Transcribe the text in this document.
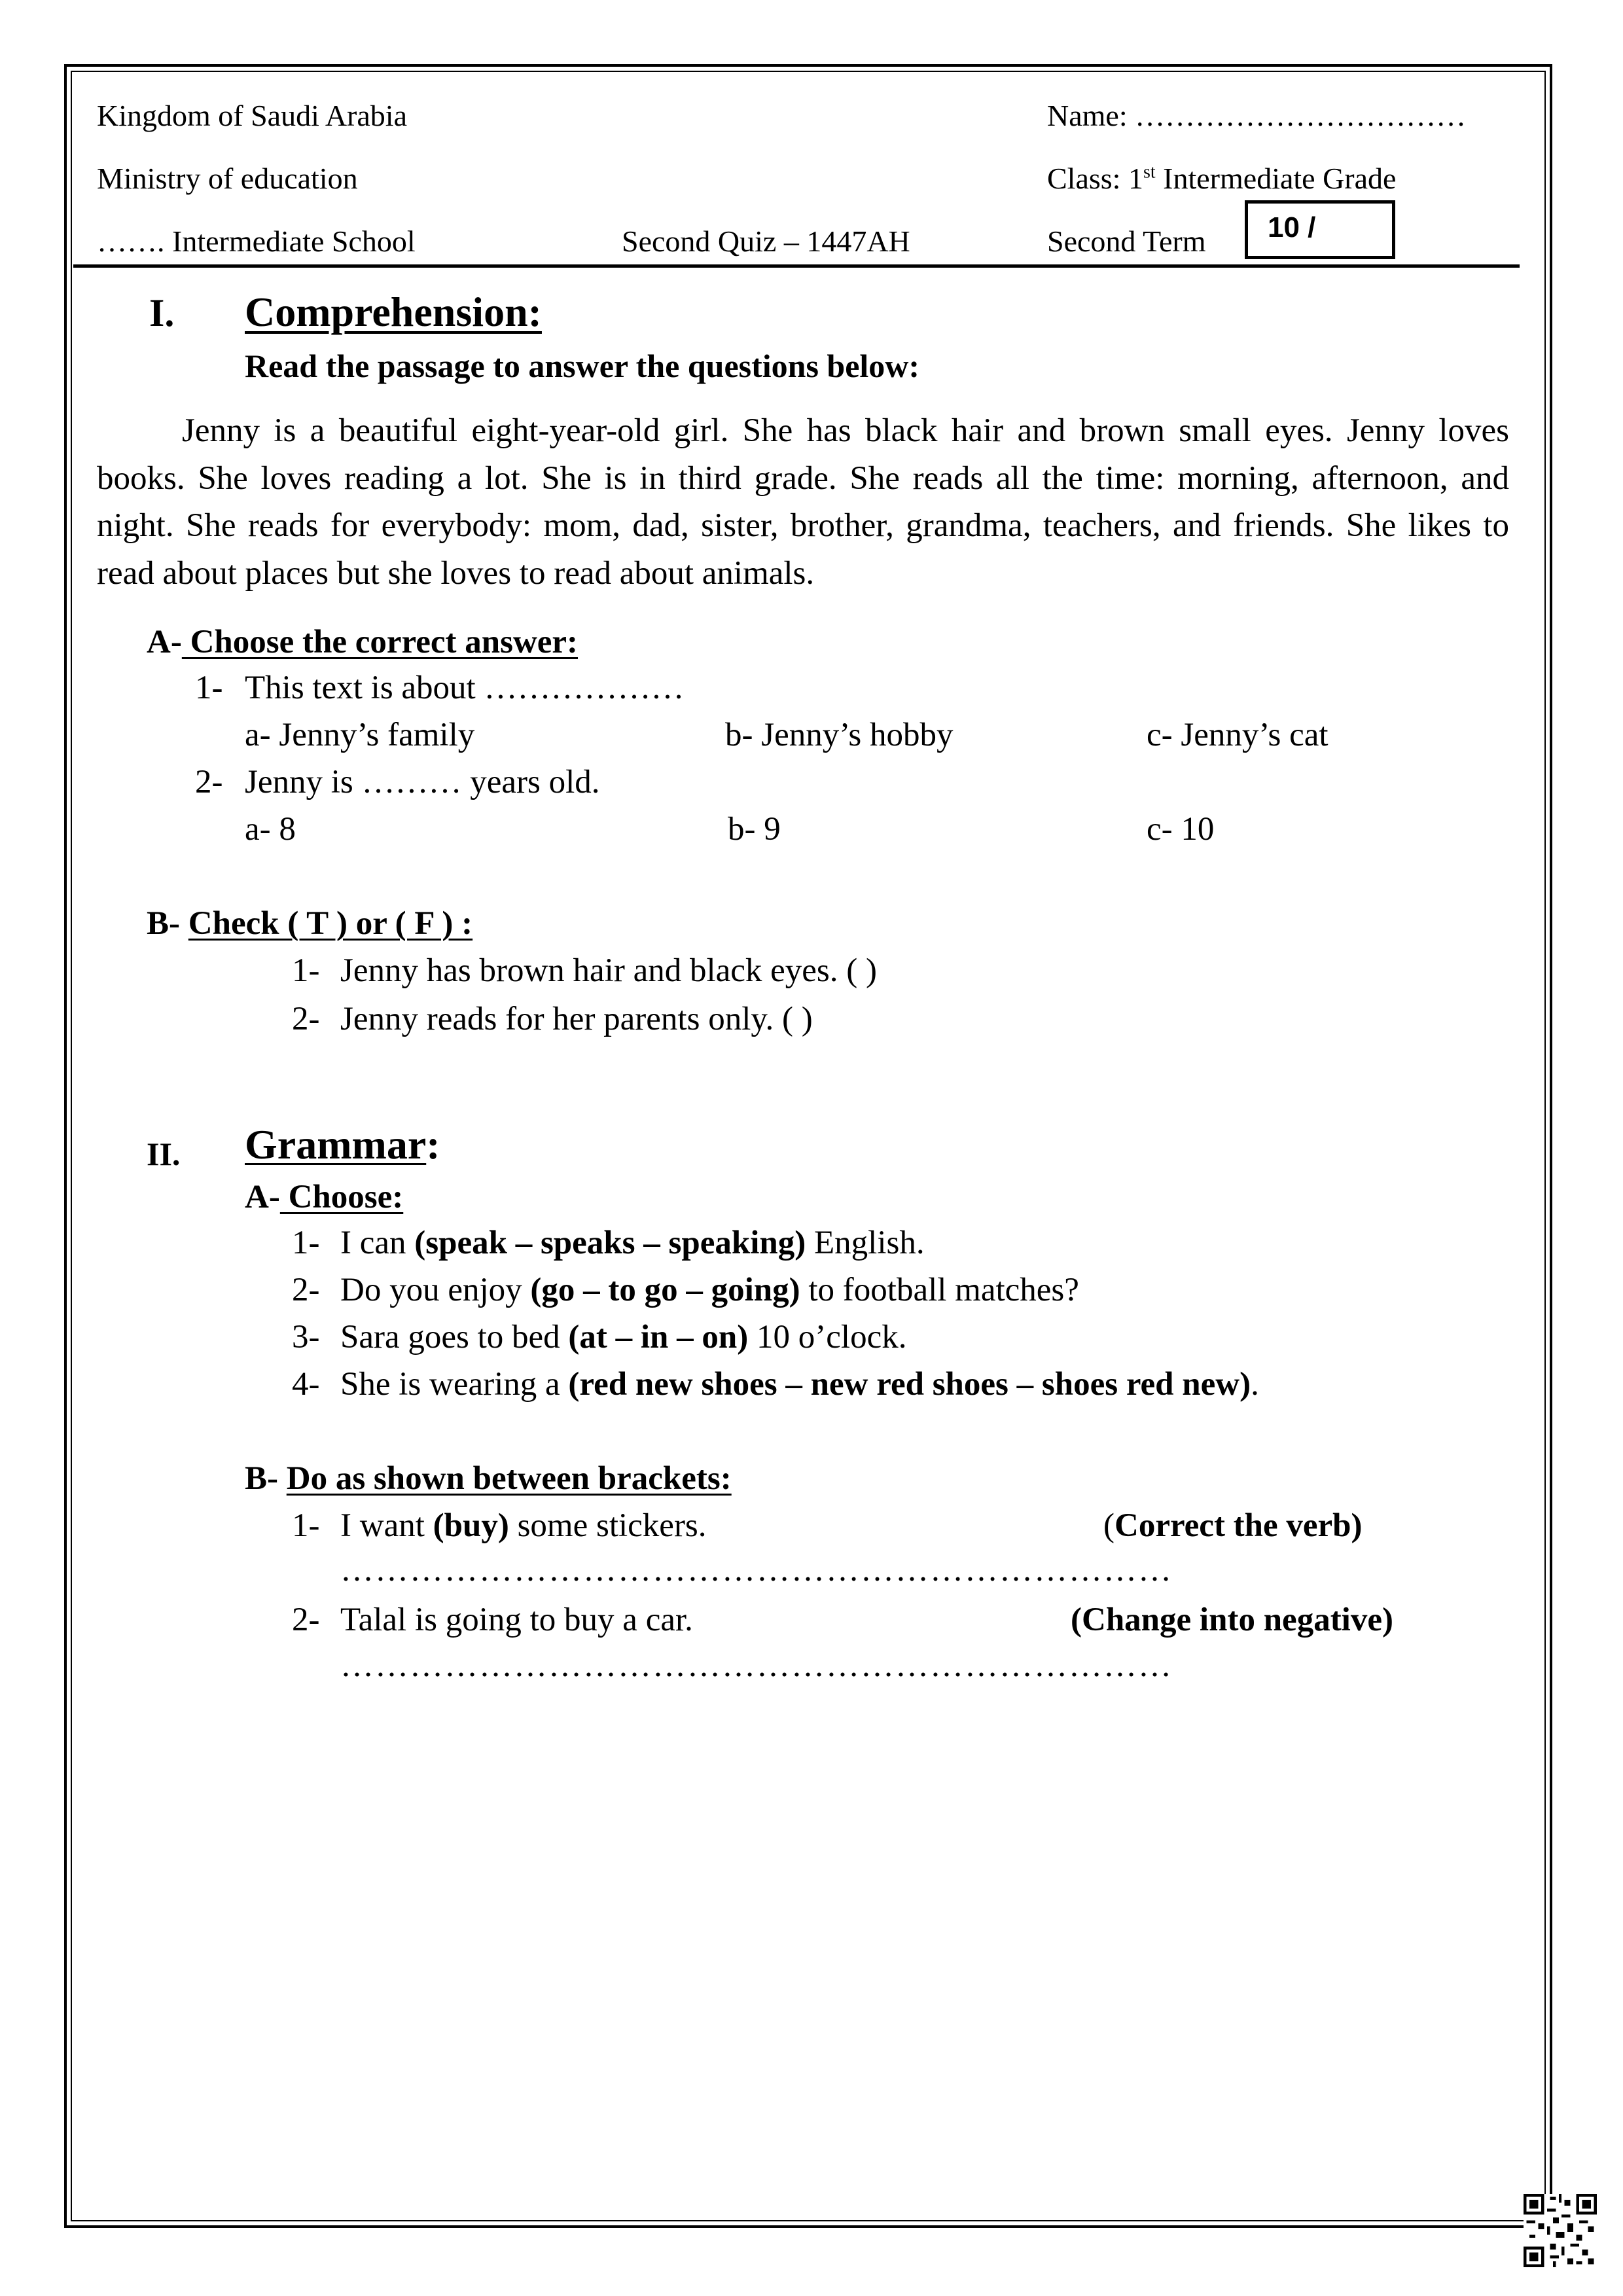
Kingdom of Saudi Arabia
Ministry of education
……. Intermediate School	Second Quiz – 1447AH
Name: ……………………………
Class: 1st Intermediate Grade
Second Term 10 /
I. Comprehension:
Read the passage to answer the questions below:
Jenny is a beautiful eight-year-old girl. She has black hair and brown small eyes. Jenny loves books. She loves reading a lot. She is in third grade. She reads all the time: morning, afternoon, and night. She reads for everybody: mom, dad, sister, brother, grandma, teachers, and friends. She likes to read about places but she loves to read about animals.
A- Choose the correct answer:
1- This text is about ………………
a- Jenny’s family	b- Jenny’s hobby	c- Jenny’s cat
2- Jenny is ……… years old.
a- 8	b- 9	c- 10
B- Check ( T ) or ( F ) :
1- Jenny has brown hair and black eyes. ( )
2- Jenny reads for her parents only. ( )
II. Grammar:
A- Choose:
1- I can (speak – speaks – speaking) English.
2- Do you enjoy (go – to go – going) to football matches?
3- Sara goes to bed (at – in – on) 10 o’clock.
4- She is wearing a (red new shoes – new red shoes – shoes red new).
B- Do as shown between brackets:
1- I want (buy) some stickers.	(Correct the verb)
………………………………………………………………
2- Talal is going to buy a car.	(Change into negative)
………………………………………………………………
